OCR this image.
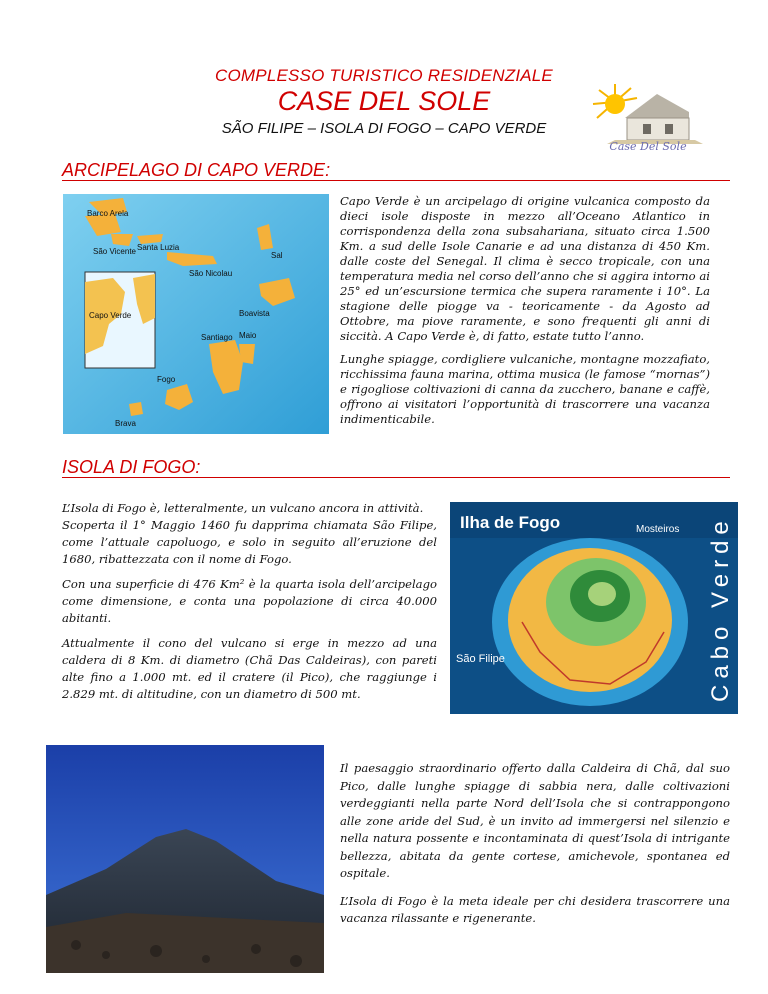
COMPLESSO TURISTICO RESIDENZIALE
CASE DEL SOLE
SÃO FILIPE – ISOLA DI FOGO – CAPO VERDE
Case Del Sole
ARCIPELAGO DI CAPO VERDE:
Barco Arela
São Vicente Santa Luzia
Sal
São Nicolau
Capo Verde	Boavista
Santiago Maio
Fogo
Brava

Capo Verde è un arcipelago di origine vulcanica composto da dieci isole disposte in mezzo all’Oceano Atlantico in corrispondenza della zona subsahariana, situato circa 1.500 Km. a sud delle Isole Canarie e ad una distanza di 450 Km. dalle coste del Senegal. Il clima è secco tropicale, con una temperatura media nel corso dell’anno che si aggira intorno ai 25° ed un’escursione termica che supera raramente i 10°. La stagione delle piogge va - teoricamente - da Agosto ad Ottobre, ma piove raramente, e sono frequenti gli anni di siccità. A Capo Verde è, di fatto, estate tutto l’anno.

Lunghe spiagge, cordigliere vulcaniche, montagne mozzafiato, ricchissima fauna marina, ottima musica (le famose “mornas”) e rigogliose coltivazioni di canna da zucchero, banane e caffè, offrono ai visitatori l’opportunità di trascorrere una vacanza indimenticabile.

ISOLA DI FOGO:

L’Isola di Fogo è, letteralmente, un vulcano ancora in attività.

Scoperta il 1° Maggio 1460 fu dapprima chiamata São Filipe, come l’attuale capoluogo, e solo in seguito all’eruzione del 1680, ribattezzata con il nome di Fogo.

Con una superficie di 476 Km² è la quarta isola dell’arcipelago come dimensione, e conta una popolazione di circa 40.000 abitanti.

Attualmente il cono del vulcano si erge in mezzo ad una caldera di 8 Km. di diametro (Chã Das Caldeiras), con pareti alte fino a 1.000 mt. ed il cratere (il Pico), che raggiunge i 2.829 mt. di altitudine, con un diametro di 500 mt.

Ilha de Fogo	Mosteiros
São Filipe	Cabo Verde

Il paesaggio straordinario offerto dalla Caldeira di Chã, dal suo Pico, dalle lunghe spiagge di sabbia nera, dalle coltivazioni verdeggianti nella parte Nord dell’Isola che si contrappongono alle zone aride del Sud, è un invito ad immergersi nel silenzio e nella natura possente e incontaminata di quest’Isola di intrigante bellezza, abitata da gente cortese, amichevole, spontanea ed ospitale.

L’Isola di Fogo è la meta ideale per chi desidera trascorrere una vacanza rilassante e rigenerante.
